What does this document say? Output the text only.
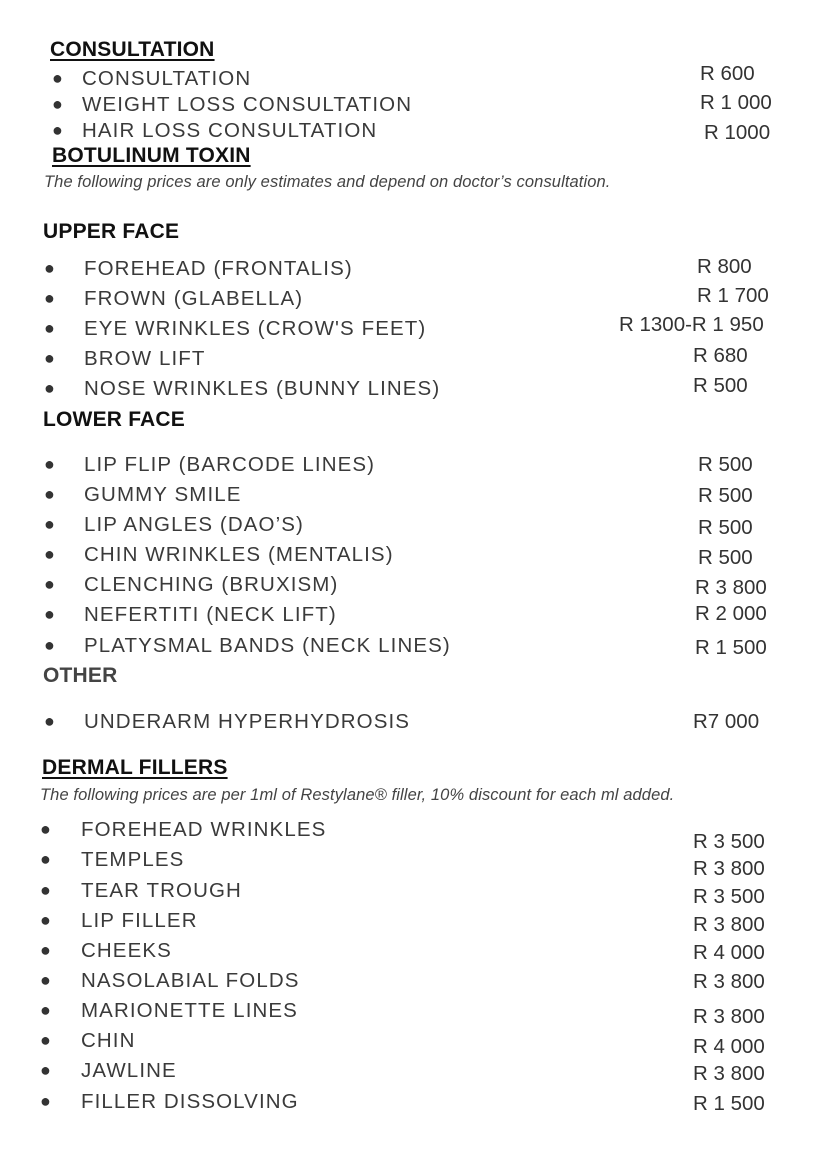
CONSULTATION
● CONSULTATION	R 600
● WEIGHT LOSS CONSULTATION	R 1 000
● HAIR LOSS CONSULTATION	R 1000
BOTULINUM TOXIN
The following prices are only estimates and depend on doctor’s consultation.
UPPER FACE
● FOREHEAD (FRONTALIS)	R 800
● FROWN (GLABELLA)	R 1 700
● EYE WRINKLES (CROW'S FEET)	R 1300-R 1 950
● BROW LIFT	R 680
● NOSE WRINKLES (BUNNY LINES)	R 500
LOWER FACE
● LIP FLIP (BARCODE LINES)	R 500
● GUMMY SMILE	R 500
● LIP ANGLES (DAO’S)	R 500
● CHIN WRINKLES (MENTALIS)	R 500
● CLENCHING (BRUXISM)	R 3 800
● NEFERTITI (NECK LIFT)	R 2 000
● PLATYSMAL BANDS (NECK LINES)	R 1 500
OTHER
● UNDERARM HYPERHYDROSIS	R7 000
DERMAL FILLERS
The following prices are per 1ml of Restylane® filler, 10% discount for each ml added.
● FOREHEAD WRINKLES
R 3 500
● TEMPLES	R 3 800
● TEAR TROUGH	R 3 500
● LIP FILLER	R 3 800
● CHEEKS	R 4 000
● NASOLABIAL FOLDS	R 3 800
● MARIONETTE LINES	R 3 800
● CHIN	R 4 000
● JAWLINE	R 3 800
● FILLER DISSOLVING	R 1 500
